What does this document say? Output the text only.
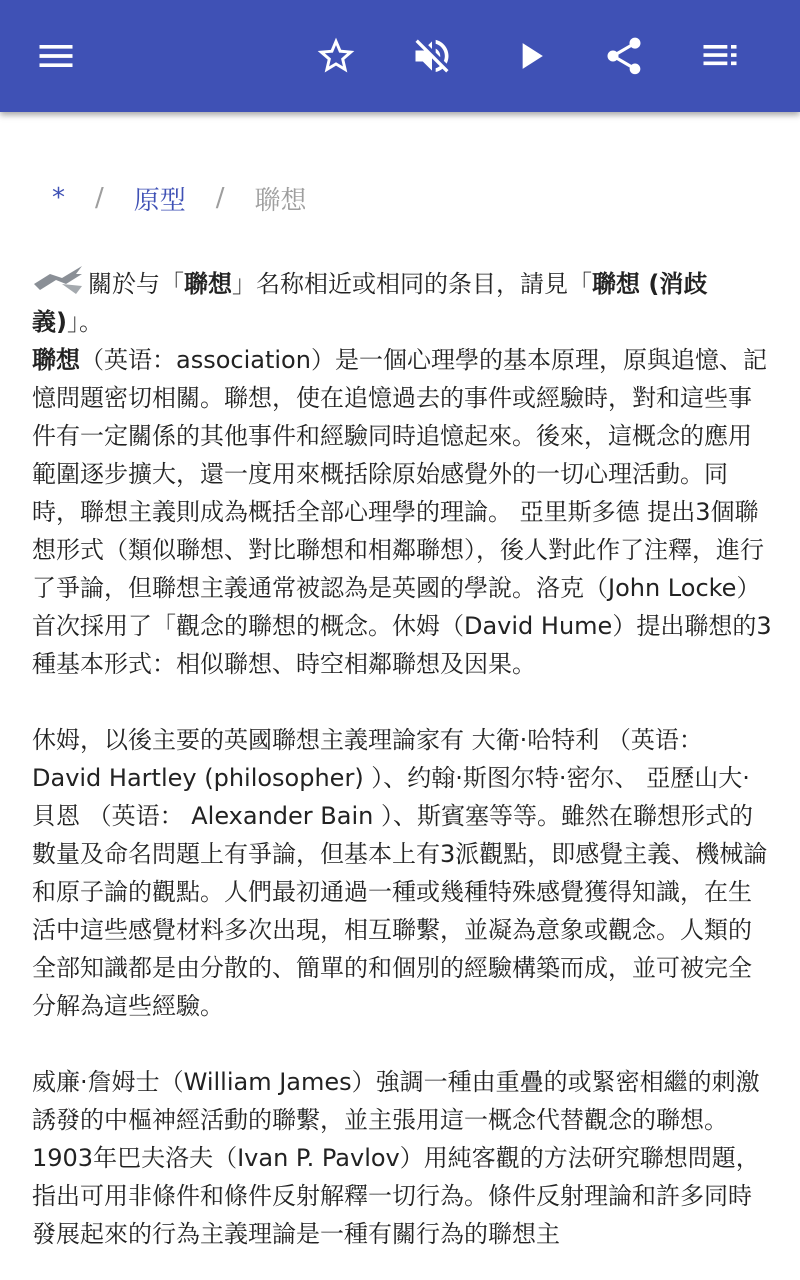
* / 原型 / 聯想

關於与「聯想」名称相近或相同的条目，請見「聯想 (消歧義)」。

聯想（英语：association）是一個心理學的基本原理，原與追憶、記憶問題密切相關。聯想，使在追憶過去的事件或經驗時，對和這些事件有一定關係的其他事件和經驗同時追憶起來。後來，這概念的應用範圍逐步擴大，還一度用來概括除原始感覺外的一切心理活動。同時，聯想主義則成為概括全部心理學的理論。 亞里斯多德 提出3個聯想形式（類似聯想、對比聯想和相鄰聯想），後人對此作了注釋，進行了爭論，但聯想主義通常被認為是英國的學說。洛克（John Locke）首次採用了「觀念的聯想的概念。休姆（David Hume）提出聯想的3種基本形式：相似聯想、時空相鄰聯想及因果。

休姆，以後主要的英國聯想主義理論家有 大衛·哈特利 （英语：David Hartley (philosopher) ）、约翰·斯图尔特·密尔、 亞歷山大·貝恩 （英语： Alexander Bain ）、斯賓塞等等。雖然在聯想形式的數量及命名問題上有爭論，但基本上有3派觀點，即感覺主義、機械論和原子論的觀點。人們最初通過一種或幾種特殊感覺獲得知識，在生活中這些感覺材料多次出現，相互聯繫，並凝為意象或觀念。人類的全部知識都是由分散的、簡單的和個別的經驗構築而成，並可被完全分解為這些經驗。

威廉·詹姆士（William James）強調一種由重疊的或緊密相繼的刺激誘發的中樞神經活動的聯繫，並主張用這一概念代替觀念的聯想。1903年巴夫洛夫（Ivan P. Pavlov）用純客觀的方法研究聯想問題，指出可用非條件和條件反射解釋一切行為。條件反射理論和許多同時發展起來的行為主義理論是一種有關行為的聯想主
